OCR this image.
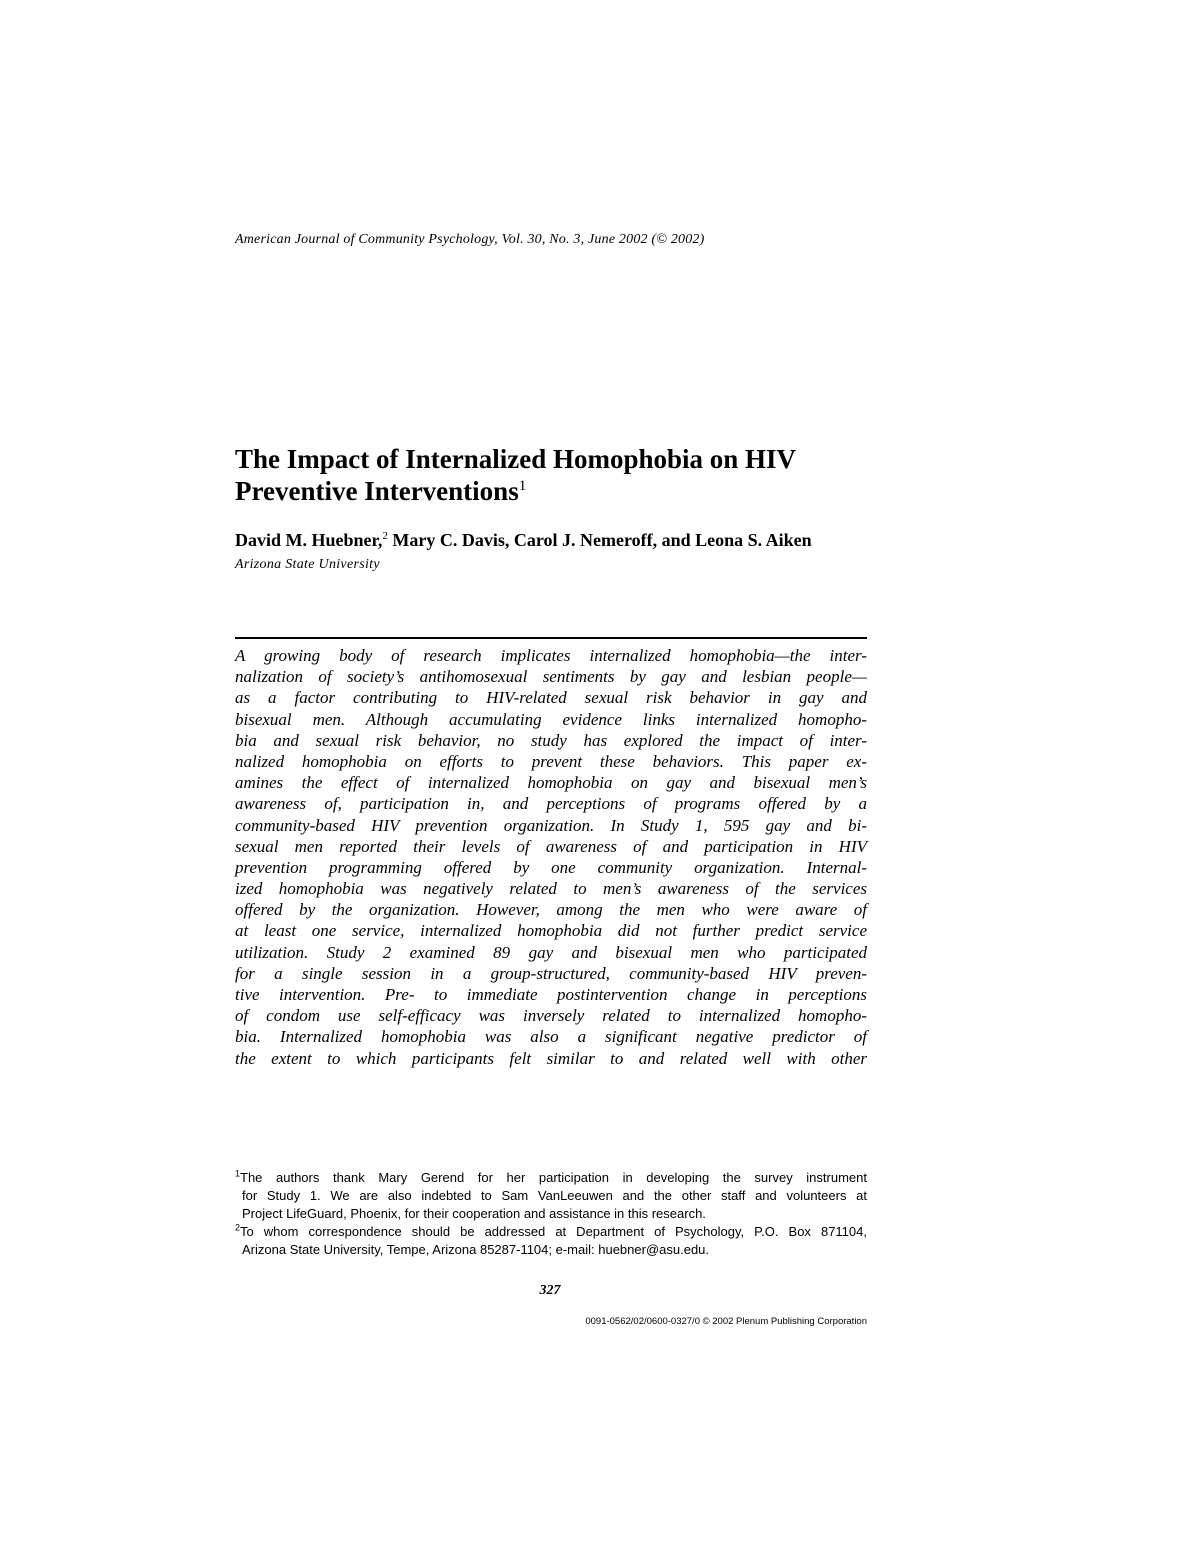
American Journal of Community Psychology, Vol. 30, No. 3, June 2002 (© 2002)
The Impact of Internalized Homophobia on HIV
Preventive Interventions$^1$
David M. Huebner,$^2$ Mary C. Davis, Carol J. Nemeroff, and Leona S. Aiken
Arizona State University
A growing body of research implicates internalized homophobia—the inter-
nalization of society’s antihomosexual sentiments by gay and lesbian people—
as a factor contributing to HIV-related sexual risk behavior in gay and
bisexual men. Although accumulating evidence links internalized homopho-
bia and sexual risk behavior, no study has explored the impact of inter-
nalized homophobia on efforts to prevent these behaviors. This paper ex-
amines the effect of internalized homophobia on gay and bisexual men’s
awareness of, participation in, and perceptions of programs offered by a
community-based HIV prevention organization. In Study 1, 595 gay and bi-
sexual men reported their levels of awareness of and participation in HIV
prevention programming offered by one community organization. Internal-
ized homophobia was negatively related to men’s awareness of the services
offered by the organization. However, among the men who were aware of
at least one service, internalized homophobia did not further predict service
utilization. Study 2 examined 89 gay and bisexual men who participated
for a single session in a group-structured, community-based HIV preven-
tive intervention. Pre- to immediate postintervention change in perceptions
of condom use self-efficacy was inversely related to internalized homopho-
bia. Internalized homophobia was also a significant negative predictor of
the extent to which participants felt similar to and related well with other
$^1$The authors thank Mary Gerend for her participation in developing the survey instrument
for Study 1. We are also indebted to Sam VanLeeuwen and the other staff and volunteers at
Project LifeGuard, Phoenix, for their cooperation and assistance in this research.
$^2$To whom correspondence should be addressed at Department of Psychology, P.O. Box 871104,
Arizona State University, Tempe, Arizona 85287-1104; e-mail: huebner@asu.edu.
327
0091-0562/02/0600-0327/0 © 2002 Plenum Publishing Corporation
